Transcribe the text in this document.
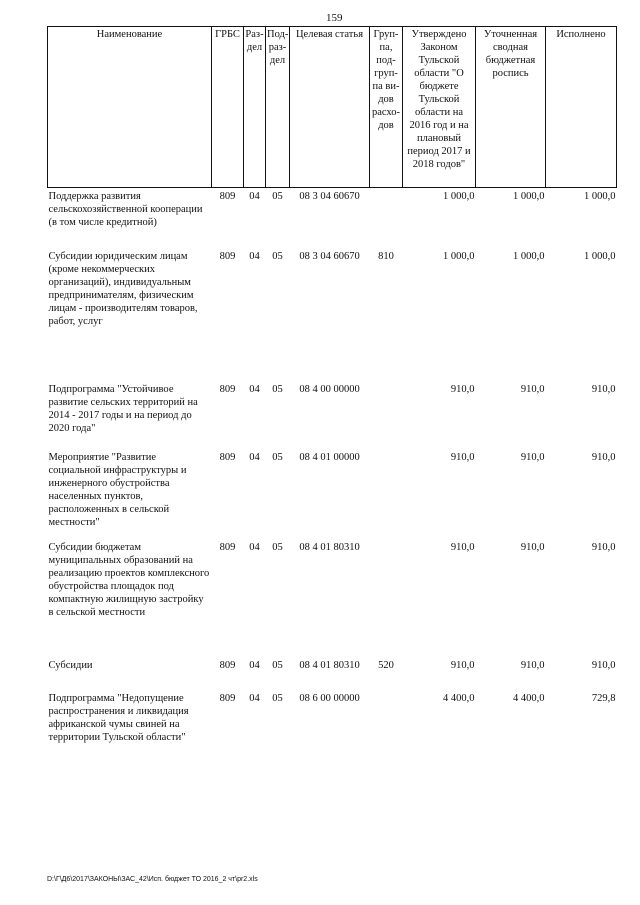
159
Наименование	ГРБС	Раз-дел	Под-раз-дел	Целевая статья	Груп-па, под-груп-па ви-дов расхо-дов	Утверждено Законом Тульской области "О бюджете Тульской области на 2016 год и на плановый период 2017 и 2018 годов"	Уточненная сводная бюджетная роспись	Исполнено
Поддержка развития сельскохозяйственной кооперации (в том числе кредитной)	809	04	05	08 3 04 60670		1 000,0	1 000,0	1 000,0
Субсидии юридическим лицам (кроме некоммерческих организаций), индивидуальным предпринимателям, физическим лицам - производителям товаров, работ, услуг	809	04	05	08 3 04 60670	810	1 000,0	1 000,0	1 000,0
Подпрограмма "Устойчивое развитие сельских территорий на 2014 - 2017 годы и на период до 2020 года"	809	04	05	08 4 00 00000		910,0	910,0	910,0
Мероприятие "Развитие социальной инфраструктуры и инженерного обустройства населенных пунктов, расположенных в сельской местности"	809	04	05	08 4 01 00000		910,0	910,0	910,0
Субсидии бюджетам муниципальных образований на реализацию проектов комплексного обустройства площадок под компактную жилищную застройку в сельской местности	809	04	05	08 4 01 80310		910,0	910,0	910,0
Субсидии	809	04	05	08 4 01 80310	520	910,0	910,0	910,0
Подпрограмма "Недопущение распространения и ликвидация африканской чумы свиней на территории Тульской области"	809	04	05	08 6 00 00000		4 400,0	4 400,0	729,8
D:\Г\Д6\2017\ЗАКОНЫ\ЗАС_42\Исп. бюджет ТО 2016_2 чт\pr2.xls
